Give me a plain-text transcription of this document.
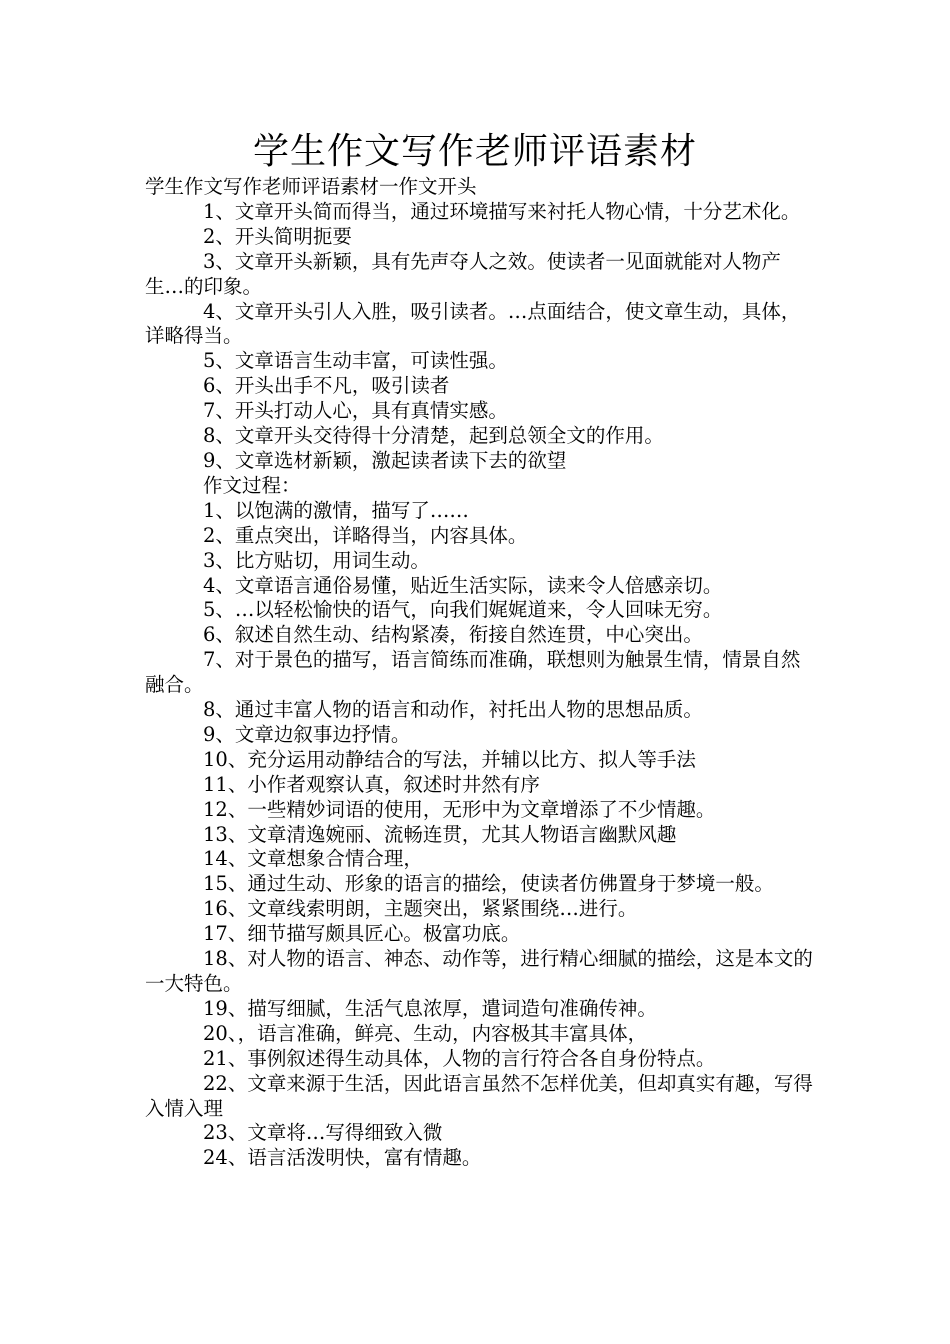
学生作文写作老师评语素材

学生作文写作老师评语素材一作文开头

1、文章开头简而得当，通过环境描写来衬托人物心情，十分艺术化。

2、开头简明扼要

3、文章开头新颖，具有先声夺人之效。使读者一见面就能对人物产生…的印象。

4、文章开头引人入胜，吸引读者。…点面结合，使文章生动，具体，详略得当。

5、文章语言生动丰富，可读性强。

6、开头出手不凡，吸引读者

7、开头打动人心，具有真情实感。

8、文章开头交待得十分清楚，起到总领全文的作用。

9、文章选材新颖，激起读者读下去的欲望

作文过程：

1、以饱满的激情，描写了……

2、重点突出，详略得当，内容具体。

3、比方贴切，用词生动。

4、文章语言通俗易懂，贴近生活实际，读来令人倍感亲切。

5、…以轻松愉快的语气，向我们娓娓道来，令人回味无穷。

6、叙述自然生动、结构紧凑，衔接自然连贯，中心突出。

7、对于景色的描写，语言简练而准确，联想则为触景生情，情景自然融合。

8、通过丰富人物的语言和动作，衬托出人物的思想品质。

9、文章边叙事边抒情。

10、充分运用动静结合的写法，并辅以比方、拟人等手法

11、小作者观察认真，叙述时井然有序

12、一些精妙词语的使用，无形中为文章增添了不少情趣。

13、文章清逸婉丽、流畅连贯，尤其人物语言幽默风趣

14、文章想象合情合理，

15、通过生动、形象的语言的描绘，使读者仿佛置身于梦境一般。

16、文章线索明朗，主题突出，紧紧围绕…进行。

17、细节描写颇具匠心。极富功底。

18、对人物的语言、神态、动作等，进行精心细腻的描绘，这是本文的一大特色。

19、描写细腻，生活气息浓厚，遣词造句准确传神。

20、，语言准确，鲜亮、生动，内容极其丰富具体，

21、事例叙述得生动具体，人物的言行符合各自身份特点。

22、文章来源于生活，因此语言虽然不怎样优美，但却真实有趣，写得入情入理

23、文章将…写得细致入微

24、语言活泼明快，富有情趣。
